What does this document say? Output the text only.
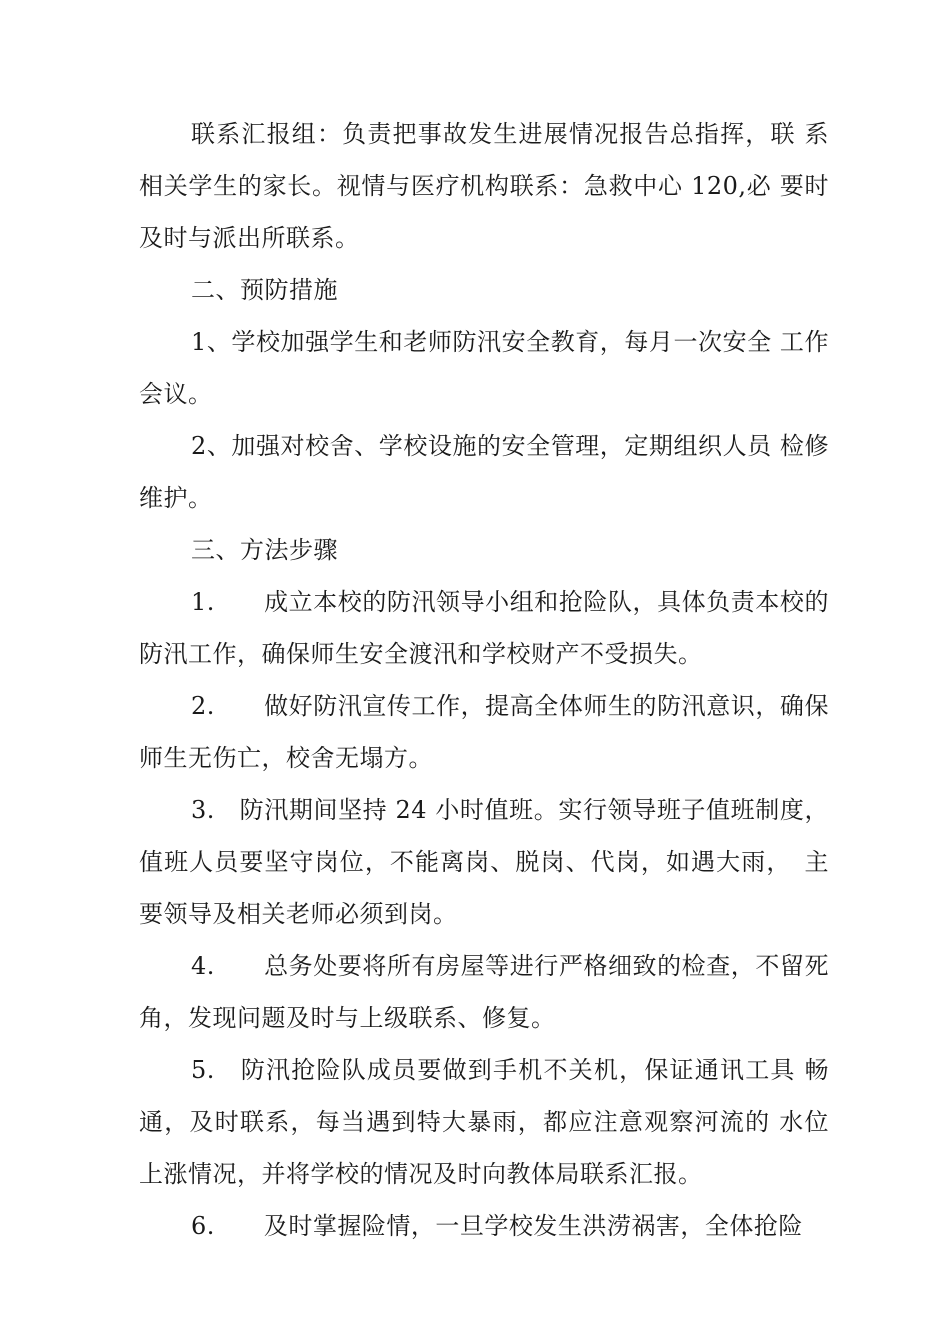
联系汇报组：负责把事故发生进展情况报告总指挥，联 系相关学生的家长。视情与医疗机构联系：急救中心 120,必 要时及时与派出所联系。

二、预防措施

1、学校加强学生和老师防汛安全教育，每月一次安全 工作会议。

2、加强对校舍、学校设施的安全管理，定期组织人员 检修维护。

三、方法步骤

1.　　成立本校的防汛领导小组和抢险队，具体负责本校的防汛工作，确保师生安全渡汛和学校财产不受损失。

2.　　做好防汛宣传工作，提高全体师生的防汛意识，确保师生无伤亡，校舍无塌方。

3.　防汛期间坚持 24 小时值班。实行领导班子值班制度，值班人员要坚守岗位，不能离岗、脱岗、代岗，如遇大雨，　主要领导及相关老师必须到岗。

4.　　总务处要将所有房屋等进行严格细致的检查，不留死角，发现问题及时与上级联系、修复。

5.　防汛抢险队成员要做到手机不关机，保证通讯工具 畅通，及时联系，每当遇到特大暴雨，都应注意观察河流的 水位上涨情况，并将学校的情况及时向教体局联系汇报。

6.　　及时掌握险情，一旦学校发生洪涝祸害，全体抢险
